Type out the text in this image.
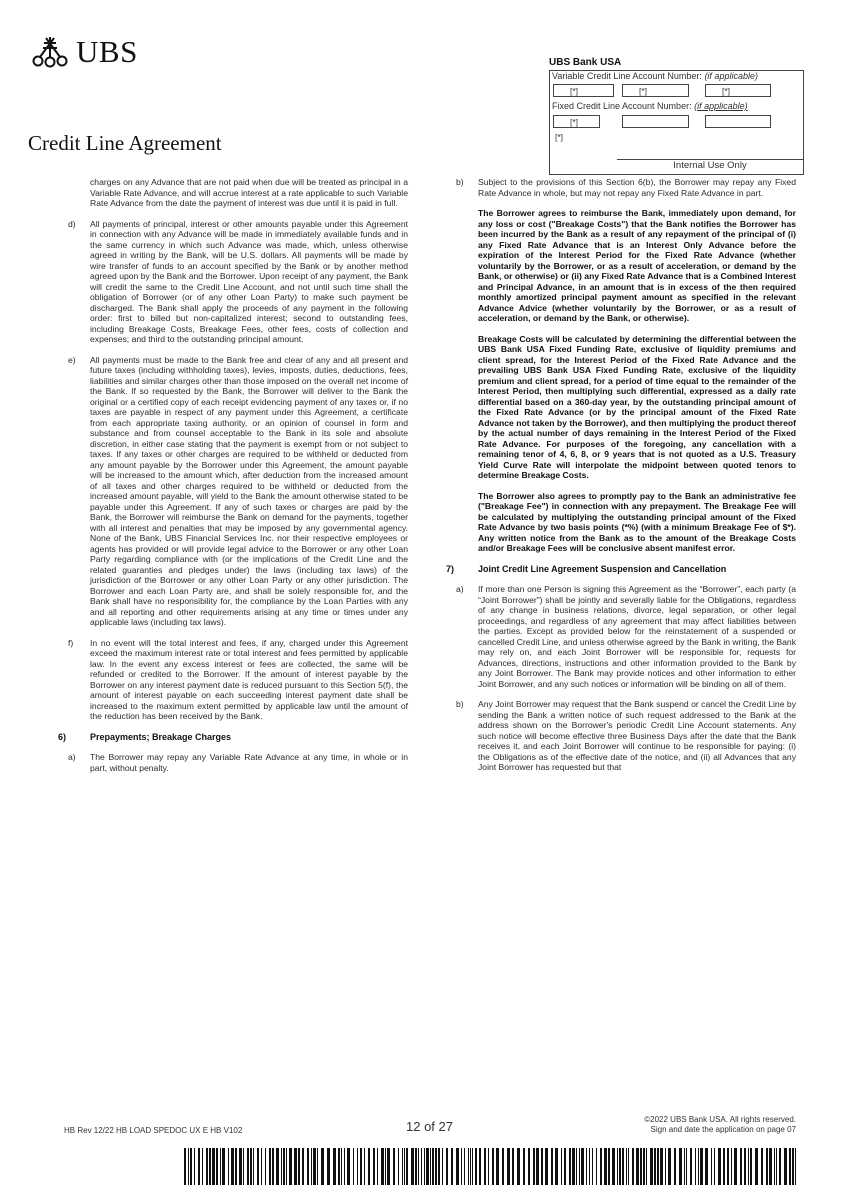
UBS
Credit Line Agreement
UBS Bank USA
Variable Credit Line Account Number: (if applicable)
[*]	[*]	[*]
Fixed Credit Line Account Number: (if applicable)
[*]
[*]
Internal Use Only

charges on any Advance that are not paid when due will be treated as principal in a Variable Rate Advance, and will accrue interest at a rate applicable to such Variable Rate Advance from the date the payment of interest was due until it is paid in full.

d) All payments of principal, interest or other amounts payable under this Agreement in connection with any Advance will be made in immediately available funds and in the same currency in which such Advance was made, which, unless otherwise agreed in writing by the Bank, will be U.S. dollars. All payments will be made by wire transfer of funds to an account specified by the Bank or by another method agreed upon by the Bank and the Borrower. Upon receipt of any payment, the Bank will credit the same to the Credit Line Account, and not until such time shall the obligation of Borrower (or of any other Loan Party) to make such payment be discharged. The Bank shall apply the proceeds of any payment in the following order: first to billed but non-capitalized interest; second to outstanding fees, including Breakage Costs, Breakage Fees, other fees, costs of collection and expenses; and third to the outstanding principal amount.

e) All payments must be made to the Bank free and clear of any and all present and future taxes (including withholding taxes), levies, imposts, duties, deductions, fees, liabilities and similar charges other than those imposed on the overall net income of the Bank. If so requested by the Bank, the Borrower will deliver to the Bank the original or a certified copy of each receipt evidencing payment of any taxes or, if no taxes are payable in respect of any payment under this Agreement, a certificate from each appropriate taxing authority, or an opinion of counsel in form and substance and from counsel acceptable to the Bank in its sole and absolute discretion, in either case stating that the payment is exempt from or not subject to taxes. If any taxes or other charges are required to be withheld or deducted from any amount payable by the Borrower under this Agreement, the amount payable will be increased to the amount which, after deduction from the increased amount of all taxes and other charges required to be withheld or deducted from the increased amount payable, will yield to the Bank the amount otherwise stated to be payable under this Agreement. If any of such taxes or charges are paid by the Bank, the Borrower will reimburse the Bank on demand for the payments, together with all interest and penalties that may be imposed by any governmental agency. None of the Bank, UBS Financial Services Inc. nor their respective employees or agents has provided or will provide legal advice to the Borrower or any other Loan Party regarding compliance with (or the implications of the Credit Line and the related guaranties and pledges under) the laws (including tax laws) of the jurisdiction of the Borrower or any other Loan Party or any other jurisdiction. The Borrower and each Loan Party are, and shall be solely responsible for, and the Bank shall have no responsibility for, the compliance by the Loan Parties with any and all reporting and other requirements arising at any time or times under any applicable laws (including tax laws).

f) In no event will the total interest and fees, if any, charged under this Agreement exceed the maximum interest rate or total interest and fees permitted by applicable law. In the event any excess interest or fees are collected, the same will be refunded or credited to the Borrower. If the amount of interest payable by the Borrower on any interest payment date is reduced pursuant to this Section 5(f), the amount of interest payable on each succeeding interest payment date shall be increased to the maximum extent permitted by applicable law until the amount of the reduction has been received by the Bank.

6)	Prepayments; Breakage Charges
a) The Borrower may repay any Variable Rate Advance at any time, in whole or in part, without penalty.

b) Subject to the provisions of this Section 6(b), the Borrower may repay any Fixed Rate Advance in whole, but may not repay any Fixed Rate Advance in part.

The Borrower agrees to reimburse the Bank, immediately upon demand, for any loss or cost ("Breakage Costs") that the Bank notifies the Borrower has been incurred by the Bank as a result of any repayment of the principal of (i) any Fixed Rate Advance that is an Interest Only Advance before the expiration of the Interest Period for the Fixed Rate Advance (whether voluntarily by the Borrower, or as a result of acceleration, or demand by the Bank, or otherwise) or (ii) any Fixed Rate Advance that is a Combined Interest and Principal Advance, in an amount that is in excess of the then required monthly amortized principal payment amount as specified in the relevant Advance Advice (whether voluntarily by the Borrower, or as a result of acceleration, or demand by the Bank, or otherwise).

Breakage Costs will be calculated by determining the differential between the UBS Bank USA Fixed Funding Rate, exclusive of liquidity premiums and client spread, for the Interest Period of the Fixed Rate Advance and the prevailing UBS Bank USA Fixed Funding Rate, exclusive of the liquidity premium and client spread, for a period of time equal to the remainder of the Interest Period, then multiplying such differential, expressed as a daily rate differential based on a 360-day year, by the outstanding principal amount of the Fixed Rate Advance (or by the principal amount of the Fixed Rate Advance not taken by the Borrower), and then multiplying the product thereof by the actual number of days remaining in the Interest Period of the Fixed Rate Advance. For purposes of the foregoing, any cancellation with a remaining tenor of 4, 6, 8, or 9 years that is not quoted as a U.S. Treasury Yield Curve Rate will interpolate the midpoint between quoted tenors to determine Breakage Costs.

The Borrower also agrees to promptly pay to the Bank an administrative fee ("Breakage Fee") in connection with any prepayment. The Breakage Fee will be calculated by multiplying the outstanding principal amount of the Fixed Rate Advance by two basis points (*%) (with a minimum Breakage Fee of $*). Any written notice from the Bank as to the amount of the Breakage Costs and/or Breakage Fees will be conclusive absent manifest error.

7)	Joint Credit Line Agreement Suspension and Cancellation
a) If more than one Person is signing this Agreement as the “Borrower”, each party (a “Joint Borrower”) shall be jointly and severally liable for the Obligations, regardless of any change in business relations, divorce, legal separation, or other legal proceedings, and regardless of any agreement that may affect liabilities between the parties. Except as provided below for the reinstatement of a suspended or cancelled Credit Line, and unless otherwise agreed by the Bank in writing, the Bank may rely on, and each Joint Borrower will be responsible for, requests for Advances, directions, instructions and other information provided to the Bank by any Joint Borrower. The Bank may provide notices and other information to either Joint Borrower, and any such notices or information will be binding on all of them.

b) Any Joint Borrower may request that the Bank suspend or cancel the Credit Line by sending the Bank a written notice of such request addressed to the Bank at the address shown on the Borrower's periodic Credit Line Account statements. Any such notice will become effective three Business Days after the date that the Bank receives it, and each Joint Borrower will continue to be responsible for paying: (i) the Obligations as of the effective date of the notice, and (ii) all Advances that any Joint Borrower has requested but that

HB Rev 12/22 HB LOAD SPEDOC UX E HB V102	12 of 27	©2022 UBS Bank USA. All rights reserved.
Sign and date the application on page 07
